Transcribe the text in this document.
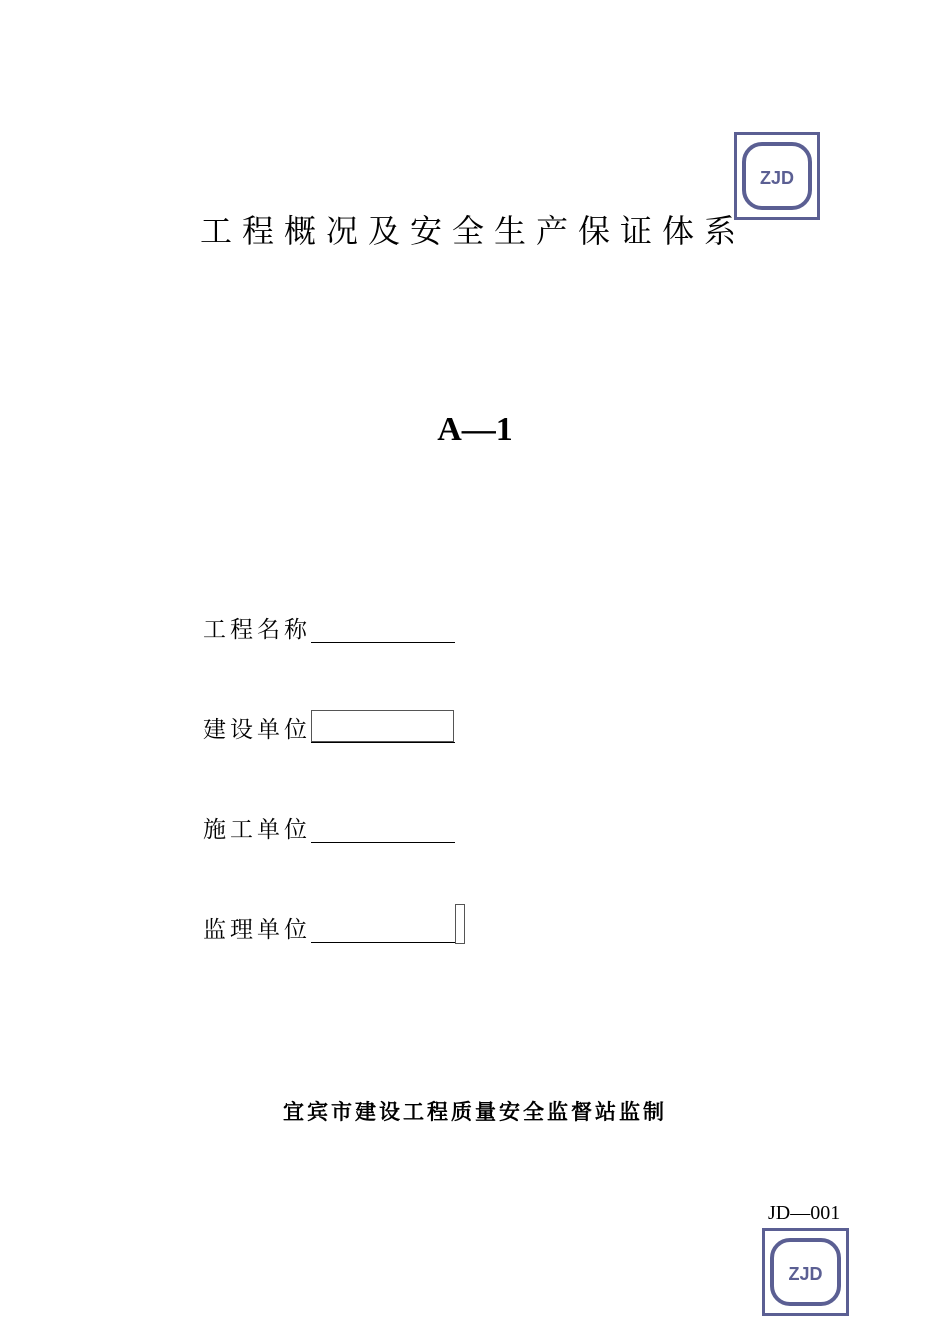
ZJD
工程概况及安全生产保证体系
A—1
工程名称
建设单位
施工单位
监理单位
宜宾市建设工程质量安全监督站监制
JD—001
ZJD
